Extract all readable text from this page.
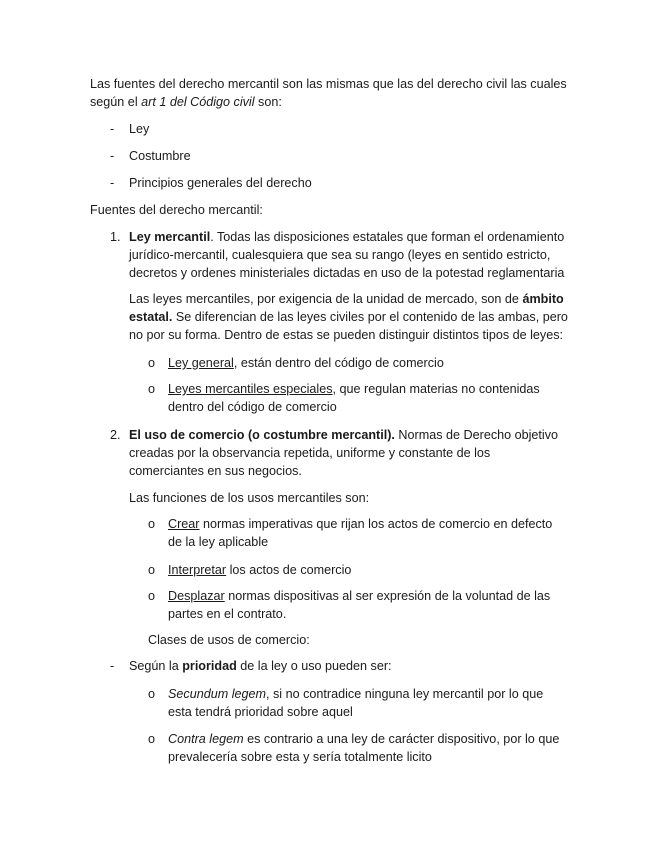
Las fuentes del derecho mercantil son las mismas que las del derecho civil las cuales
según el art 1 del Código civil son:

- Ley
- Costumbre
- Principios generales del derecho
Fuentes del derecho mercantil:
1. Ley mercantil. Todas las disposiciones estatales que forman el ordenamiento
jurídico-mercantil, cualesquiera que sea su rango (leyes en sentido estricto,
decretos y ordenes ministeriales dictadas en uso de la potestad reglamentaria

Las leyes mercantiles, por exigencia de la unidad de mercado, son de ámbito
estatal. Se diferencian de las leyes civiles por el contenido de las ambas, pero
no por su forma. Dentro de estas se pueden distinguir distintos tipos de leyes:

o Ley general, están dentro del código de comercio

o Leyes mercantiles especiales, que regulan materias no contenidas
dentro del código de comercio

2. El uso de comercio (o costumbre mercantil). Normas de Derecho objetivo
creadas por la observancia repetida, uniforme y constante de los
comerciantes en sus negocios.

Las funciones de los usos mercantiles son:
o Crear normas imperativas que rijan los actos de comercio en defecto
de la ley aplicable

o Interpretar los actos de comercio

o Desplazar normas dispositivas al ser expresión de la voluntad de las
partes en el contrato.

Clases de usos de comercio:
- Según la prioridad de la ley o uso pueden ser:

o Secundum legem, si no contradice ninguna ley mercantil por lo que
esta tendrá prioridad sobre aquel

o Contra legem es contrario a una ley de carácter dispositivo, por lo que
prevalecería sobre esta y sería totalmente licito
